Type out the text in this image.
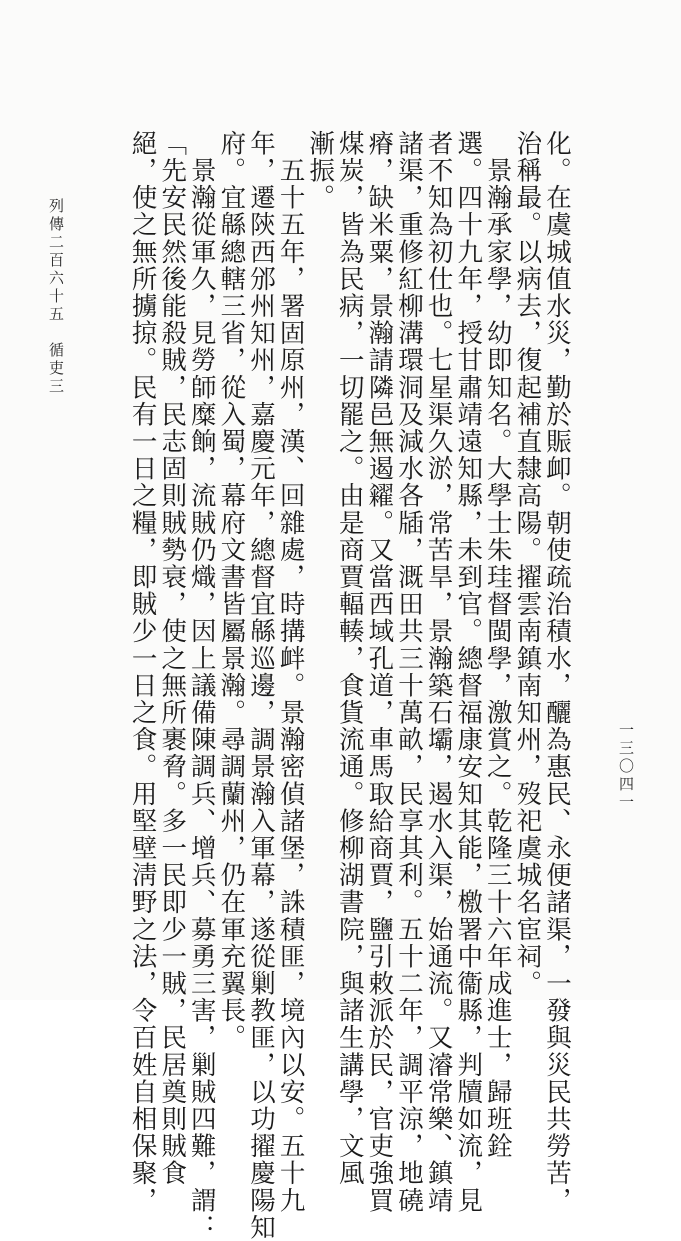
化。在虞城值水災，勤於賑卹。朝使疏治積水，釃為惠民、永便諸渠，一發與災民共勞苦，
治稱最。以病去，復起補直隸高陽。擢雲南鎮南知州，歿祀虞城名宦祠。
　景瀚承家學，幼即知名。大學士朱珪督閩學，激賞之。乾隆三十六年成進士，歸班銓
選。四十九年，授甘肅靖遠知縣，未到官。總督福康安知其能，檄署中衞縣，判牘如流，見
者不知為初仕也。七星渠久淤，常苦旱，景瀚築石壩，遏水入渠，始通流。又濬常樂、鎮靖
諸渠，重修紅柳溝環洞及減水各牐，溉田共三十萬畝，民享其利。五十二年，調平涼，地磽
瘠，缺米粟，景瀚請隣邑無遏糴。又當西域孔道，車馬取給商賈，鹽引敕派於民，官吏強買
煤炭，皆為民病，一切罷之。由是商賈輻輳，食貨流通。修柳湖書院，與諸生講學，文風
漸振。
　五十五年，署固原州，漢、回雜處，時搆衅。景瀚密偵諸堡，誅積匪，境內以安。五十九
年，遷陝西邠州知州，嘉慶元年，總督宜緜巡邊，調景瀚入軍幕，遂從剿教匪，以功擢慶陽知
府。宜緜總轄三省，從入蜀，幕府文書皆屬景瀚。尋調蘭州，仍在軍充翼長。
　景瀚從軍久，見勞師糜餉，流賊仍熾，因上議備陳調兵、增兵、募勇三害，剿賊四難，謂：
「先安民然後能殺賊，民志固則賊勢衰，使之無所裹脅。多一民即少一賊，民居奠則賊食
絕，使之無所擄掠。民有一日之糧，即賊少一日之食。用堅壁淸野之法，令百姓自相保聚，
列傳二百六十五　循吏三
一三〇四一
